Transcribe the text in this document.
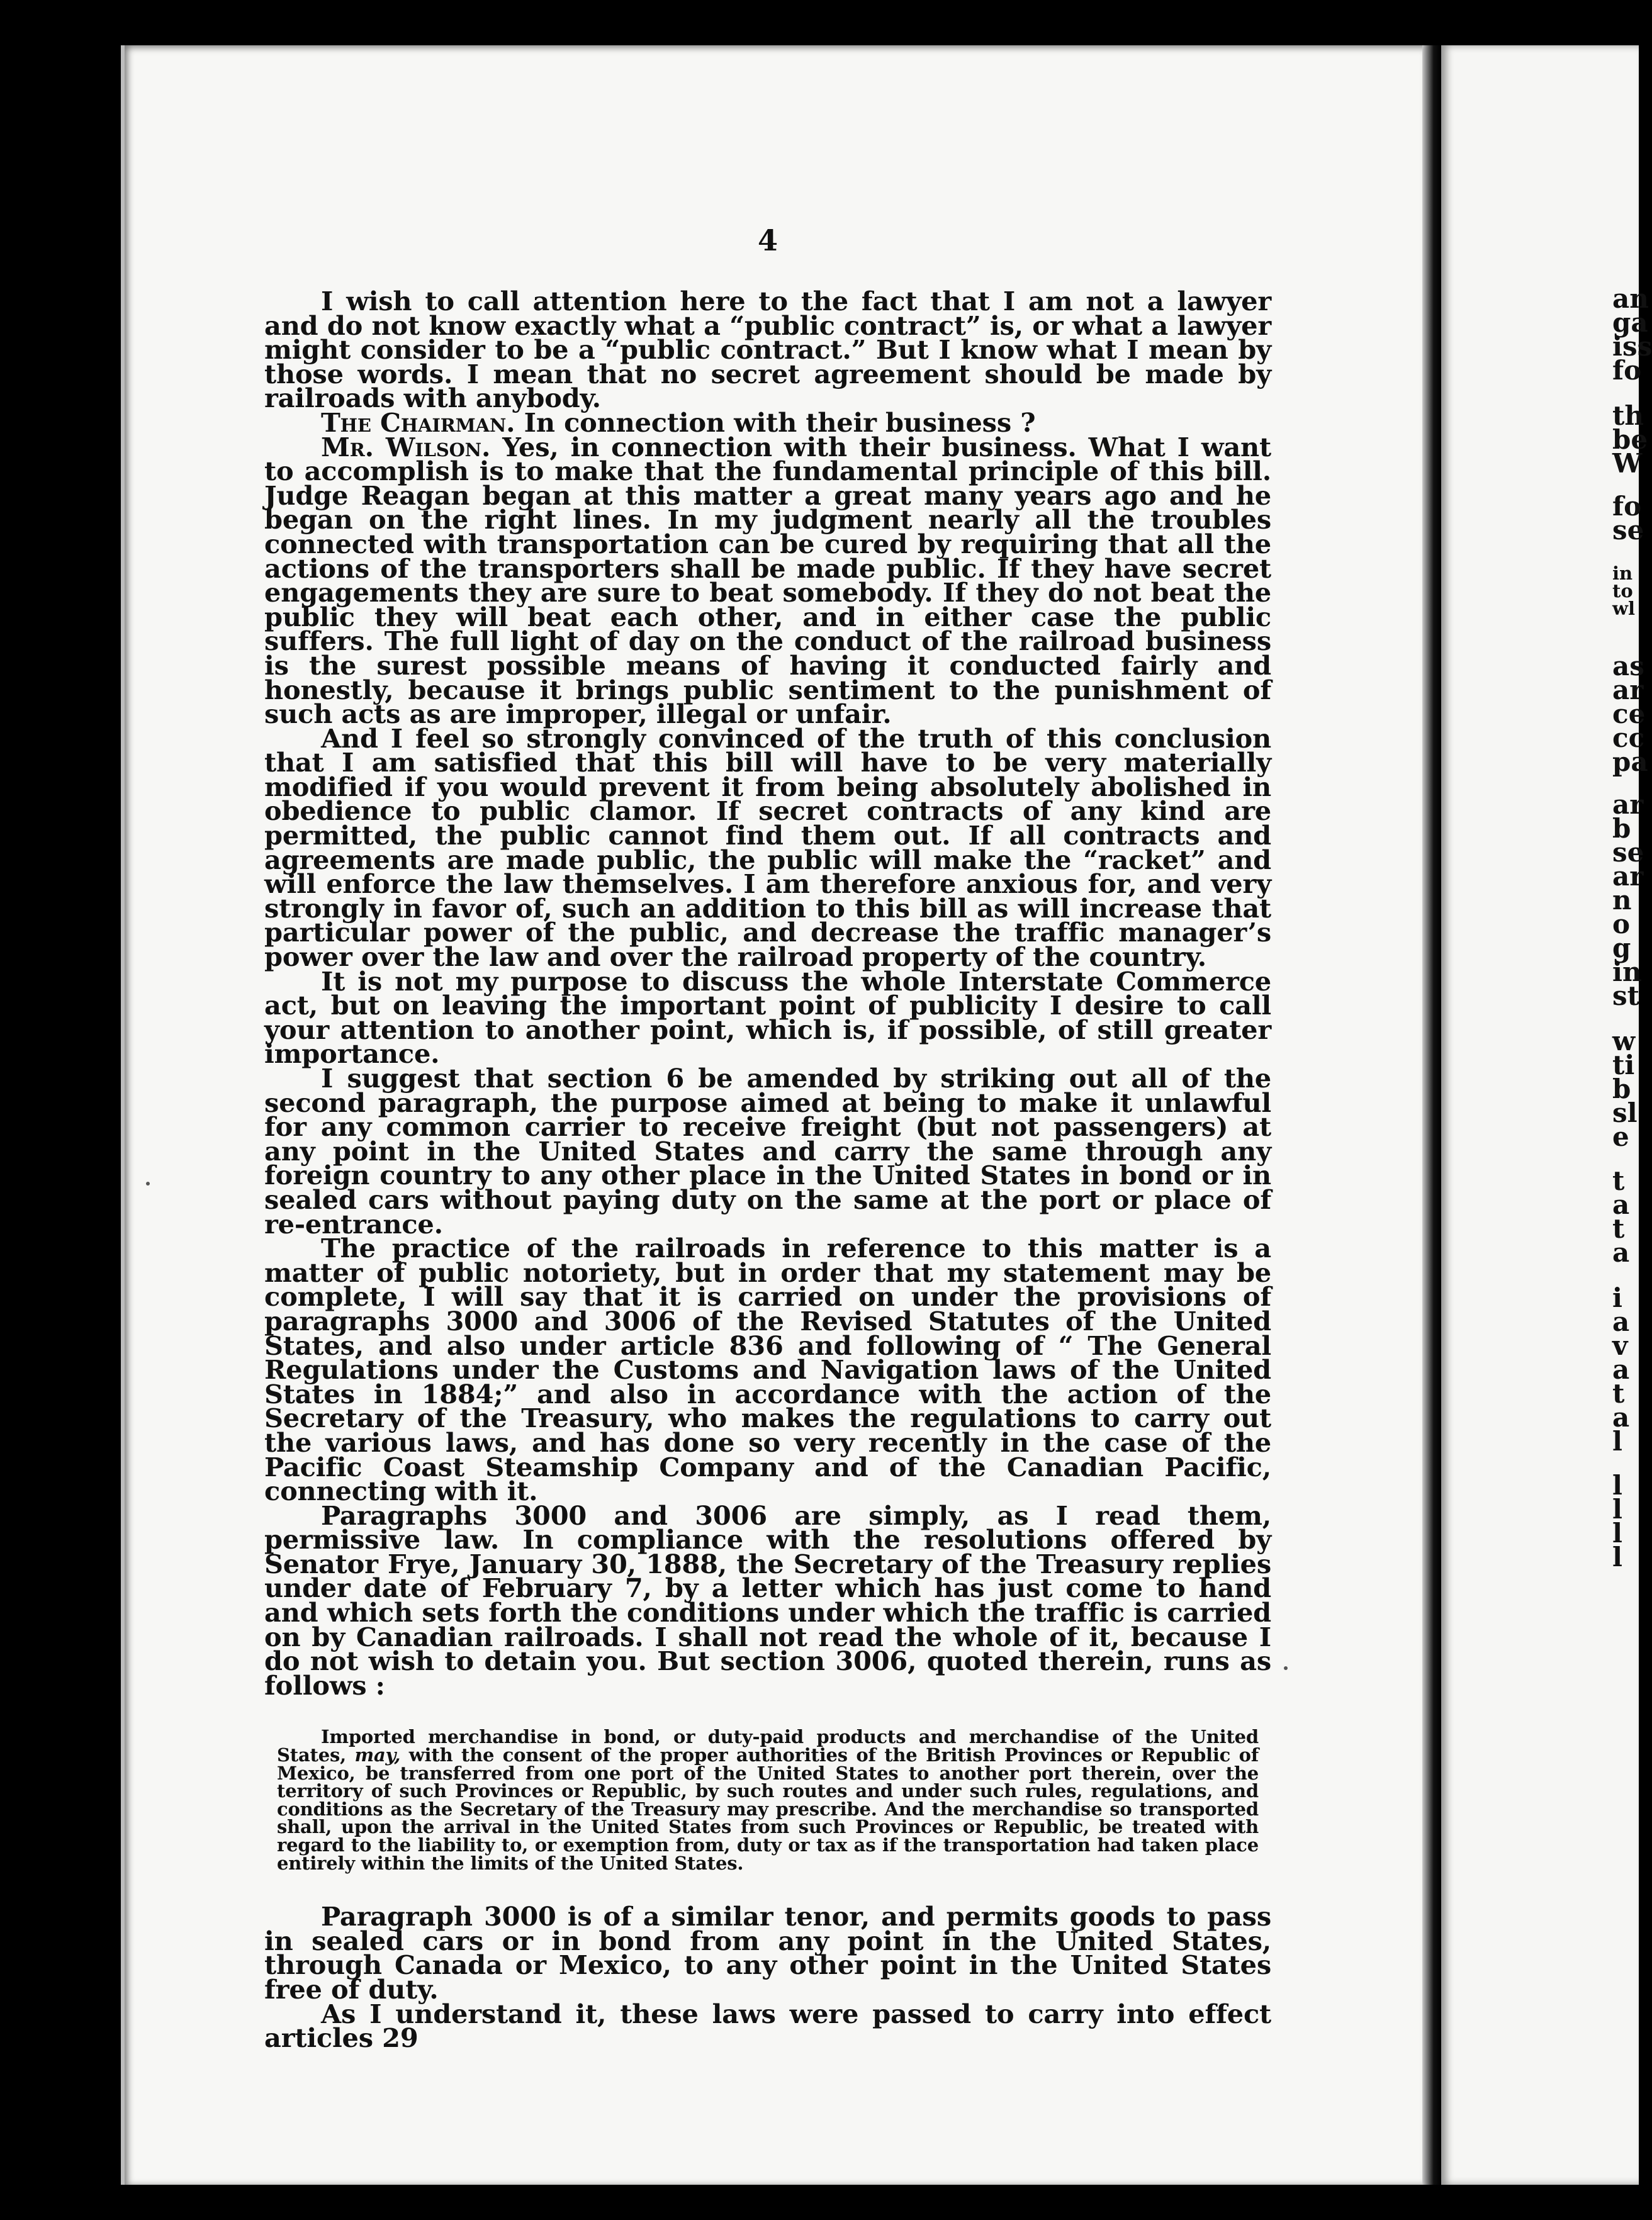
an
ga
iss
fo
th
be
W
fo
se
in
to
wl
as
ar
ce
cc
pa
ar
b
se
ar
n
o
g
in
st
w
ti
b
sl
e
t
a
t
a
i
a
v
a
t
a
l
l
l
l
l
4

I wish to call attention here to the fact that I am not a lawyer and do not know exactly what a “public contract” is, or what a lawyer might consider to be a “public contract.” But I know what I mean by those words. I mean that no secret agreement should be made by railroads with anybody.

The Chairman. In connection with their business ?

Mr. Wilson. Yes, in connection with their business. What I want to accomplish is to make that the fundamental principle of this bill. Judge Reagan began at this matter a great many years ago and he began on the right lines. In my judgment nearly all the troubles connected with transportation can be cured by requiring that all the actions of the transporters shall be made public. If they have secret engagements they are sure to beat somebody. If they do not beat the public they will beat each other, and in either case the public suffers. The full light of day on the conduct of the railroad business is the surest possible means of having it conducted fairly and honestly, because it brings public sentiment to the punishment of such acts as are improper, illegal or unfair.

And I feel so strongly convinced of the truth of this conclusion that I am satisfied that this bill will have to be very materially modified if you would prevent it from being absolutely abolished in obedience to public clamor. If secret contracts of any kind are permitted, the public cannot find them out. If all contracts and agreements are made public, the public will make the “racket” and will enforce the law themselves. I am therefore anxious for, and very strongly in favor of, such an addition to this bill as will increase that particular power of the public, and decrease the traffic manager’s power over the law and over the railroad property of the country.

It is not my purpose to discuss the whole Interstate Commerce act, but on leaving the important point of publicity I desire to call your attention to another point, which is, if possible, of still greater importance.

I suggest that section 6 be amended by striking out all of the second paragraph, the purpose aimed at being to make it unlawful for any common carrier to receive freight (but not passengers) at any point in the United States and carry the same through any foreign country to any other place in the United States in bond or in sealed cars without paying duty on the same at the port or place of re-entrance.

The practice of the railroads in reference to this matter is a matter of public notoriety, but in order that my statement may be complete, I will say that it is carried on under the provisions of paragraphs 3000 and 3006 of the Revised Statutes of the United States, and also under article 836 and following of “ The General Regulations under the Customs and Navigation laws of the United States in 1884;” and also in accordance with the action of the Secretary of the Treasury, who makes the regulations to carry out the various laws, and has done so very recently in the case of the Pacific Coast Steamship Company and of the Canadian Pacific, connecting with it.

Paragraphs 3000 and 3006 are simply, as I read them, permissive law. In compliance with the resolutions offered by Senator Frye, January 30, 1888, the Secretary of the Treasury replies under date of February 7, by a letter which has just come to hand and which sets forth the conditions under which the traffic is carried on by Canadian railroads. I shall not read the whole of it, because I do not wish to detain you. But section 3006, quoted therein, runs as follows :

Imported merchandise in bond, or duty-paid products and merchandise of the United States, may, with the consent of the proper authorities of the British Provinces or Republic of Mexico, be transferred from one port of the United States to another port therein, over the territory of such Provinces or Republic, by such routes and under such rules, regulations, and conditions as the Secretary of the Treasury may prescribe. And the merchandise so transported shall, upon the arrival in the United States from such Provinces or Republic, be treated with regard to the liability to, or exemption from, duty or tax as if the transportation had taken place entirely within the limits of the United States.

Paragraph 3000 is of a similar tenor, and permits goods to pass in sealed cars or in bond from any point in the United States, through Canada or Mexico, to any other point in the United States free of duty.

As I understand it, these laws were passed to carry into effect articles 29
